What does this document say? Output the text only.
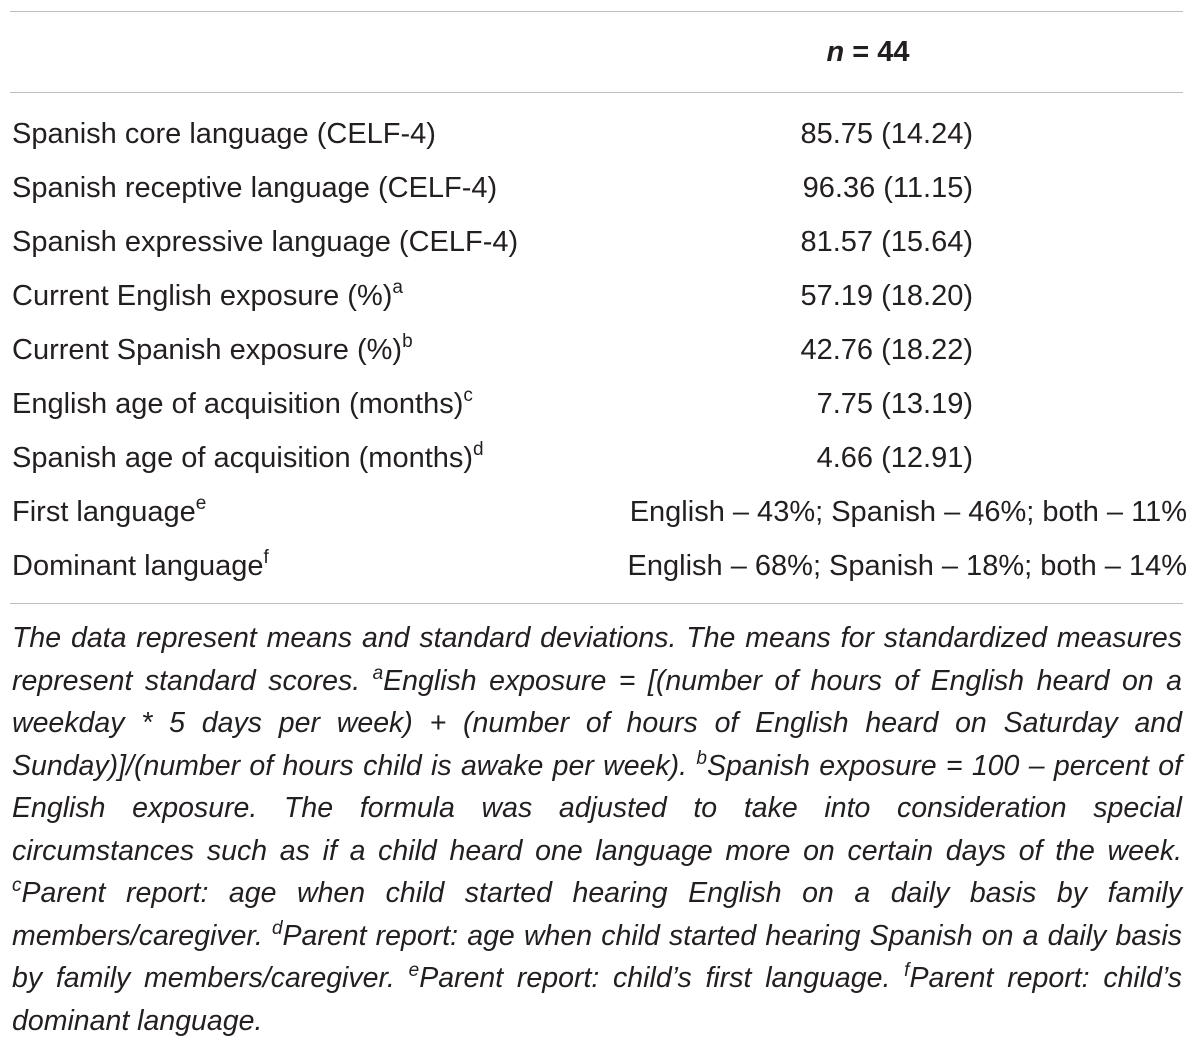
n = 44
Spanish core language (CELF-4)	85.75 (14.24)
Spanish receptive language (CELF-4)	96.36 (11.15)
Spanish expressive language (CELF-4)	81.57 (15.64)
Current English exposure (%)$^a$	57.19 (18.20)
Current Spanish exposure (%)$^b$	42.76 (18.22)
English age of acquisition (months)$^c$	7.75 (13.19)
Spanish age of acquisition (months)$^d$	4.66 (12.91)
First language$^e$	English – 43%; Spanish – 46%; both – 11%
Dominant language$^f$	English – 68%; Spanish – 18%; both – 14%
The data represent means and standard deviations. The means for standardized measures represent standard scores. $^a$English exposure = [(number of hours of English heard on a weekday * 5 days per week) + (number of hours of English heard on Saturday and Sunday)]/(number of hours child is awake per week). $^b$Spanish exposure = 100 – percent of English exposure. The formula was adjusted to take into consideration special circumstances such as if a child heard one language more on certain days of the week. $^c$Parent report: age when child started hearing English on a daily basis by family members/caregiver. $^d$Parent report: age when child started hearing Spanish on a daily basis by family members/caregiver. $^e$Parent report: child’s first language. $^f$Parent report: child’s dominant language.
